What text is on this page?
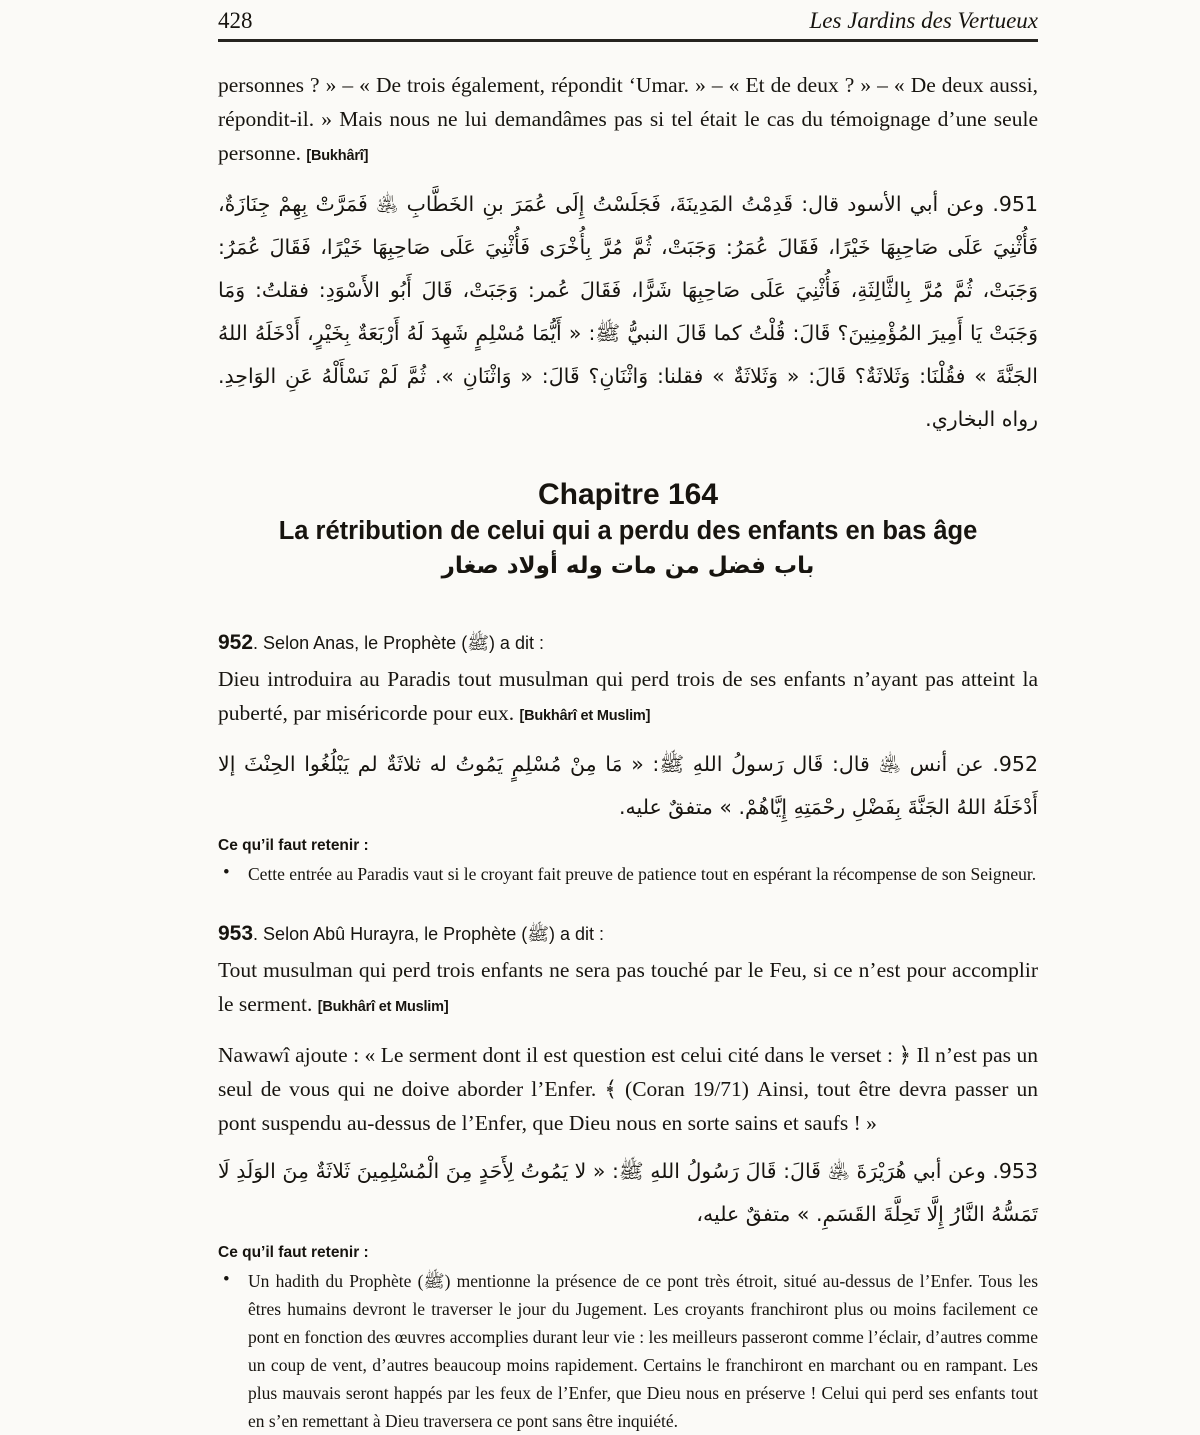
428	Les Jardins des Vertueux

personnes ? » – « De trois également, répondit ‘Umar. » – « Et de deux ? » – « De deux aussi, répondit-il. » Mais nous ne lui demandâmes pas si tel était le cas du témoignage d’une seule personne. [Bukhârî]

951. وعن أبي الأسود قال: قَدِمْتُ المَدِينَةَ، فَجَلَسْتُ إِلَى عُمَرَ بنِ الخَطَّابِ ﵁ فَمَرَّتْ بِهِمْ جِنَازَةٌ، فَأُثْنِيَ عَلَى صَاحِبِهَا خَيْرًا، فَقَالَ عُمَرُ: وَجَبَتْ، ثُمَّ مُرَّ بِأُخْرَى فَأُثْنِيَ عَلَى صَاحِبِهَا خَيْرًا، فَقَالَ عُمَرُ: وَجَبَتْ، ثُمَّ مُرَّ بِالثَّالِثَةِ، فَأُثْنِيَ عَلَى صَاحِبِهَا شَرًّا، فَقَالَ عُمر: وَجَبَتْ، قَالَ أَبُو الأَسْوَدِ: فقلتُ: وَمَا وَجَبَتْ يَا أَمِيرَ المُؤْمِنِينَ؟ قَالَ: قُلْتُ كما قَالَ النبيُّ ﷺ: « أَيُّمَا مُسْلِمٍ شَهِدَ لَهُ أَرْبَعَةٌ بِخَيْرٍ، أَدْخَلَهُ اللهُ الجَنَّةَ » فقُلْنَا: وَثَلاثَةٌ؟ قَالَ: « وَثَلاثَةٌ » فقلنا: وَاثْنَانِ؟ قَالَ: « وَاثْنَانِ ». ثُمَّ لَمْ نَسْأَلْهُ عَنِ الوَاحِدِ. رواه البخاري.

Chapitre 164

La rétribution de celui qui a perdu des enfants en bas âge

باب فضل من مات وله أولاد صغار

952. Selon Anas, le Prophète (ﷺ) a dit :

Dieu introduira au Paradis tout musulman qui perd trois de ses enfants n’ayant pas atteint la puberté, par miséricorde pour eux. [Bukhârî et Muslim]

952. عن أنس ﵁ قال: قَال رَسولُ اللهِ ﷺ: « مَا مِنْ مُسْلِمٍ يَمُوتُ له ثلاثَةٌ لم يَبْلُغُوا الحِنْثَ إلا أَدْخَلَهُ اللهُ الجَنَّةَ بِفَضْلِ رحْمَتِهِ إِيَّاهُمْ. » متفقٌ عليه.

Ce qu’il faut retenir :

• Cette entrée au Paradis vaut si le croyant fait preuve de patience tout en espérant la récompense de son Seigneur.

953. Selon Abû Hurayra, le Prophète (ﷺ) a dit :

Tout musulman qui perd trois enfants ne sera pas touché par le Feu, si ce n’est pour accomplir le serment. [Bukhârî et Muslim]

Nawawî ajoute : « Le serment dont il est question est celui cité dans le verset : ﴿ Il n’est pas un seul de vous qui ne doive aborder l’Enfer. ﴾ (Coran 19/71) Ainsi, tout être devra passer un pont suspendu au-dessus de l’Enfer, que Dieu nous en sorte sains et saufs ! »

953. وعن أبي هُرَيْرَةَ ﵁ قَالَ: قَالَ رَسُولُ اللهِ ﷺ: « لا يَمُوتُ لِأَحَدٍ مِنَ الْمُسْلِمِينَ ثَلاثَةٌ مِنَ الوَلَدِ لَا تَمَسُّهُ النَّارُ إِلَّا تَحِلَّةَ القَسَمِ. » متفقٌ عليه،

Ce qu’il faut retenir :

• Un hadith du Prophète (ﷺ) mentionne la présence de ce pont très étroit, situé au-dessus de l’Enfer. Tous les êtres humains devront le traverser le jour du Jugement. Les croyants franchiront plus ou moins facilement ce pont en fonction des œuvres accomplies durant leur vie : les meilleurs passeront comme l’éclair, d’autres comme un coup de vent, d’autres beaucoup moins rapidement. Certains le franchiront en marchant ou en rampant. Les plus mauvais seront happés par les feux de l’Enfer, que Dieu nous en préserve ! Celui qui perd ses enfants tout en s’en remettant à Dieu traversera ce pont sans être inquiété.
